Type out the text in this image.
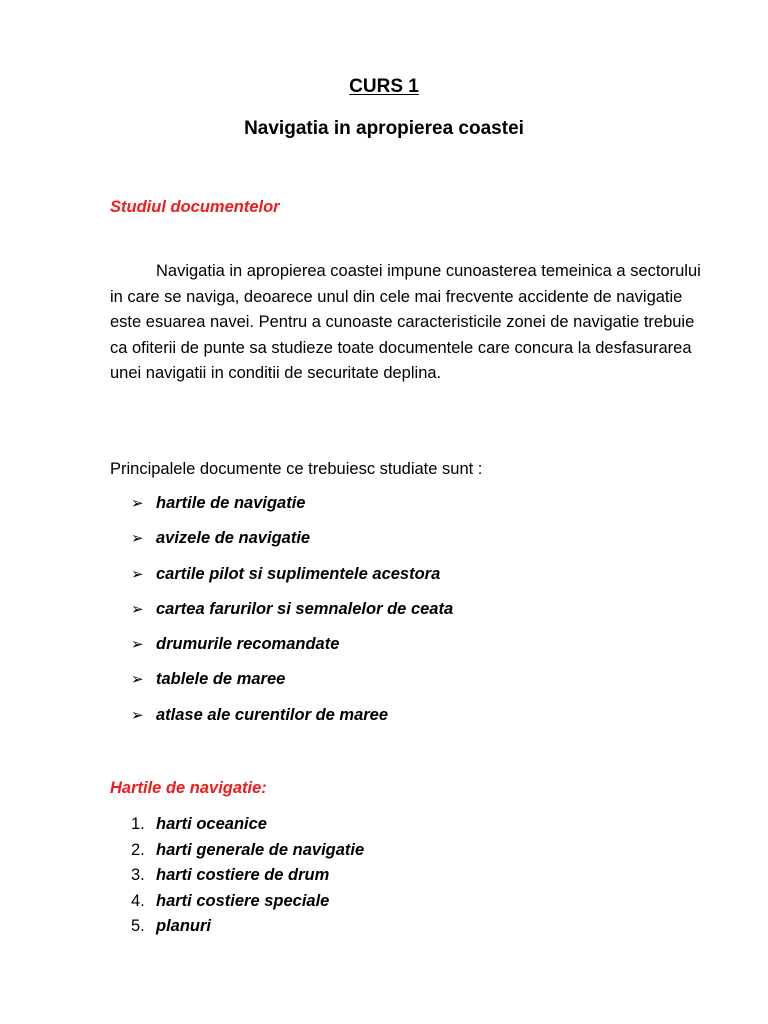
CURS 1
Navigatia in apropierea coastei
Studiul documentelor

Navigatia in apropierea coastei impune cunoasterea temeinica a sectorului in care se naviga, deoarece unul din cele mai frecvente accidente de navigatie este esuarea navei. Pentru a cunoaste caracteristicile zonei de navigatie trebuie ca ofiterii de punte sa studieze toate documentele care concura la desfasurarea unei navigatii in conditii de securitate deplina.

Principalele documente ce trebuiesc studiate sunt :

➢ hartile de navigatie
➢ avizele de navigatie
➢ cartile pilot si suplimentele acestora
➢ cartea farurilor si semnalelor de ceata
➢ drumurile recomandate
➢ tablele de maree
➢ atlase ale curentilor de maree
Hartile de navigatie:
1. harti oceanice
2. harti generale de navigatie
3. harti costiere de drum
4. harti costiere speciale
5. planuri
